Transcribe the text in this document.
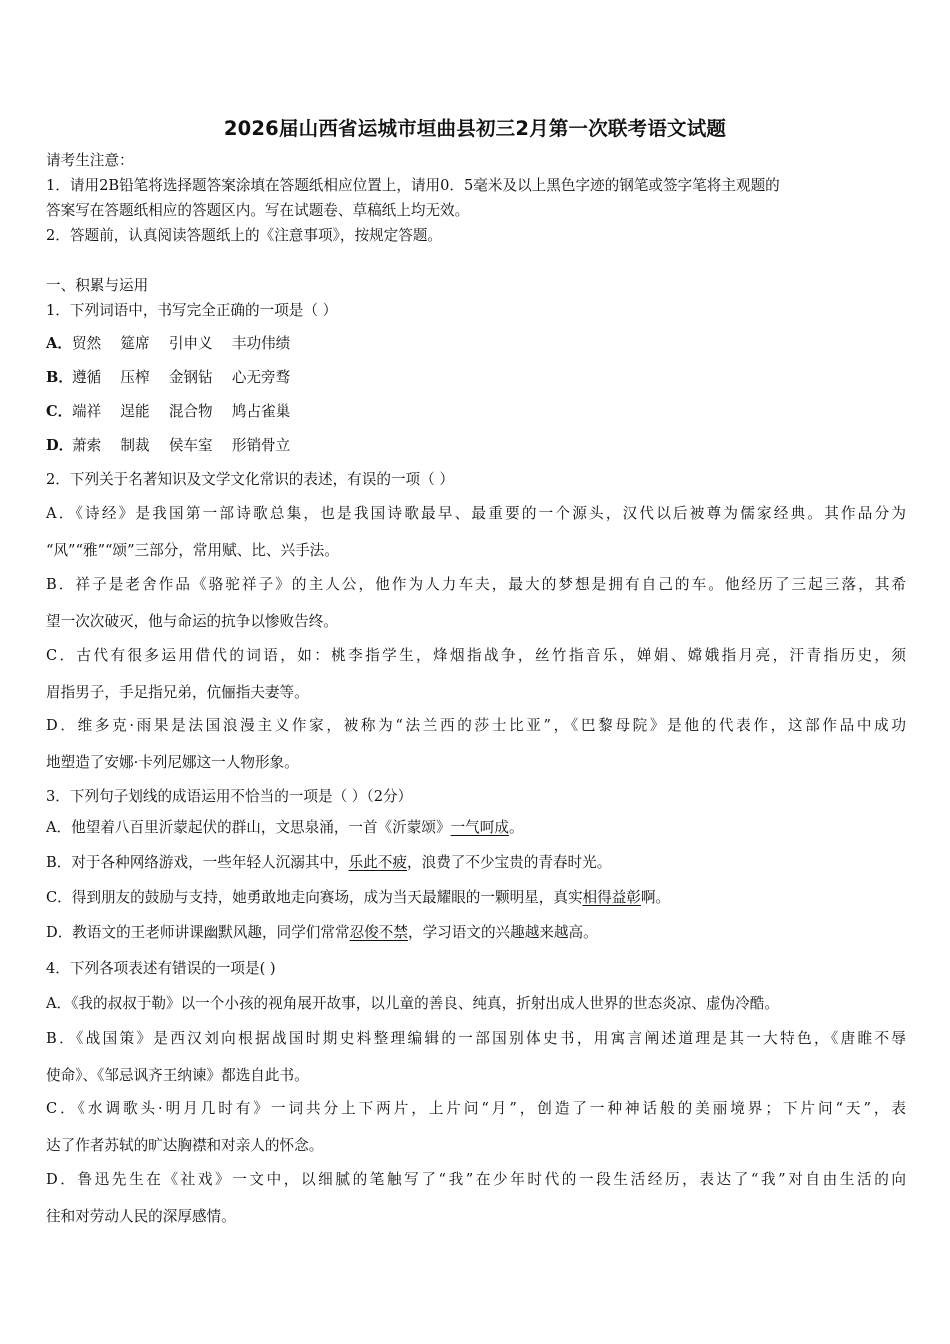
2026届山西省运城市垣曲县初三2月第一次联考语文试题
请考生注意：
1．请用2B铅笔将选择题答案涂填在答题纸相应位置上，请用0．5毫米及以上黑色字迹的钢笔或签字笔将主观题的
答案写在答题纸相应的答题区内。写在试题卷、草稿纸上均无效。
2．答题前，认真阅读答题纸上的《注意事项》，按规定答题。
一、积累与运用
1．下列词语中，书写完全正确的一项是（ ）
A．贸然　 筵席　 引申义　 丰功伟绩
B．遵循　 压榨　 金钢钻　 心无旁骛
C．端祥　 逞能　 混合物　 鸠占雀巢
D．萧索　 制裁　 侯车室　 形销骨立
2．下列关于名著知识及文学文化常识的表述，有误的一项（ ）
A．《诗经》是我国第一部诗歌总集，也是我国诗歌最早、最重要的一个源头，汉代以后被尊为儒家经典。其作品分为
“风”“雅”“颂”三部分，常用赋、比、兴手法。
B．祥子是老舍作品《骆驼祥子》的主人公，他作为人力车夫，最大的梦想是拥有自己的车。他经历了三起三落，其希
望一次次破灭，他与命运的抗争以惨败告终。
C．古代有很多运用借代的词语，如：桃李指学生，烽烟指战争，丝竹指音乐，婵娟、嫦娥指月亮，汗青指历史，须
眉指男子，手足指兄弟，伉俪指夫妻等。
D．维多克·雨果是法国浪漫主义作家，被称为“法兰西的莎士比亚”，《巴黎母院》是他的代表作，这部作品中成功
地塑造了安娜·卡列尼娜这一人物形象。
3．下列句子划线的成语运用不恰当的一项是（ ）（2分）
A．他望着八百里沂蒙起伏的群山，文思泉涌，一首《沂蒙颂》一气呵成。
B．对于各种网络游戏，一些年轻人沉溺其中，乐此不疲，浪费了不少宝贵的青春时光。
C．得到朋友的鼓励与支持，她勇敢地走向赛场，成为当天最耀眼的一颗明星，真实相得益彰啊。
D．教语文的王老师讲课幽默风趣，同学们常常忍俊不禁，学习语文的兴趣越来越高。
4．下列各项表述有错误的一项是( )
A．《我的叔叔于勒》以一个小孩的视角展开故事，以儿童的善良、纯真，折射出成人世界的世态炎凉、虚伪冷酷。
B．《战国策》是西汉刘向根据战国时期史料整理编辑的一部国别体史书，用寓言阐述道理是其一大特色，《唐睢不辱
使命》、《邹忌讽齐王纳谏》都选自此书。
C．《水调歌头·明月几时有》一词共分上下两片，上片问“月”，创造了一种神话般的美丽境界；下片问“天”，表
达了作者苏轼的旷达胸襟和对亲人的怀念。
D．鲁迅先生在《社戏》一文中，以细腻的笔触写了“我”在少年时代的一段生活经历，表达了“我”对自由生活的向
往和对劳动人民的深厚感情。
